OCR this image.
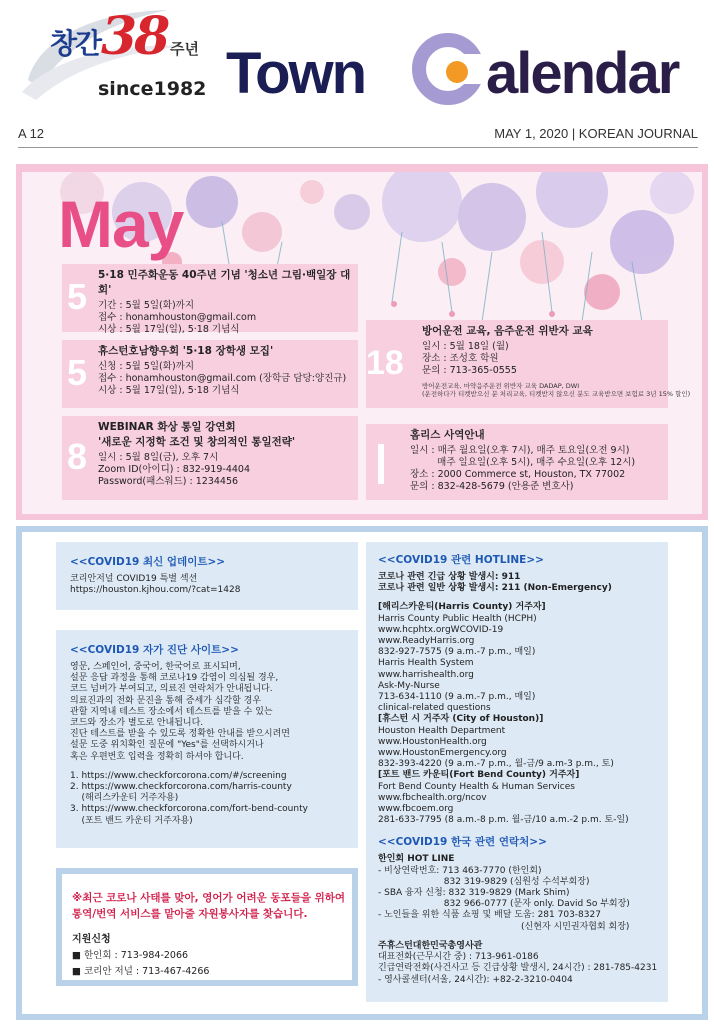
창간 38 주년
since1982 Town alendar
A 12	MAY 1, 2020 | KOREAN JOURNAL
May
5
5·18 민주화운동 40주년 기념 '청소년 그림·백일장 대회'
기간 : 5월 5일(화)까지
접수 : honamhouston@gmail.com
시상 : 5월 17일(일), 5·18 기념식
5
휴스턴호남향우회 '5·18 장학생 모집'
신청 : 5월 5일(화)까지
접수 : honamhouston@gmail.com (장학금 담당:양진규)
시상 : 5월 17일(일), 5·18 기념식
8
WEBINAR 화상 통일 강연회
'새로운 지정학 조건 및 창의적인 통일전략'
일시 : 5월 8일(금), 오후 7시
Zoom ID(아이디) : 832-919-4404
Password(패스워드) : 1234456
18
방어운전 교육, 음주운전 위반자 교육
일시 : 5월 18일 (월)
장소 : 조성호 학원
문의 : 713-365-0555
방어운전교육, 마약음주운전 위반자 교육 DADAP, DWI
(운전하다가 티켓받으신 분 처리교육, 티켓받지 않으신 분도 교육받으면 보험료 3년 15% 할인)
홈리스 사역안내
일시 : 매주 월요일(오후 7시), 매주 토요일(오전 9시)
매주 일요일(오후 5시), 매주 수요일(오후 12시)
장소 : 2000 Commerce st, Houston, TX 77002
문의 : 832-428-5679 (안용준 변호사)
<<COVID19 최신 업데이트>>
코리안저널 COVID19 특별 섹션
https://houston.kjhou.com/?cat=1428
<<COVID19 자가 진단 사이트>>
영문, 스페인어, 중국어, 한국어로 표시되며,
설문 응답 과정을 통해 코로나19 감염이 의심될 경우,
코드 넘버가 부여되고, 의료진 연락처가 안내됩니다.
의료진과의 전화 문진을 통해 증세가 심각할 경우
관할 지역내 테스트 장소에서 테스트를 받을 수 있는
코드와 장소가 별도로 안내됩니다.
진단 테스트를 받을 수 있도록 정확한 안내를 받으시려면
설문 도중 위치확인 질문에 "Yes"를 선택하시거나
혹은 우편번호 입력을 정확히 하셔야 합니다.
1. https://www.checkforcorona.com/#/screening
2. https://www.checkforcorona.com/harris-county
(해리스카운티 거주자용)
3. https://www.checkforcorona.com/fort-bend-county
(포트 밴드 카운티 거주자용)
※최근 코로나 사태를 맞아, 영어가 어려운 동포들을 위하여
통역/번역 서비스를 맡아줄 자원봉사자를 찾습니다.
지원신청
■ 한인회 : 713-984-2066
■ 코리안 저널 : 713-467-4266
<<COVID19 관련 HOTLINE>>
코로나 관련 긴급 상황 발생시: 911
코로나 관련 일반 상황 발생시: 211 (Non-Emergency)
[해리스카운티(Harris County) 거주자]
Harris County Public Health (HCPH)
www.hcphtx.orgWCOVID-19
www.ReadyHarris.org
832-927-7575 (9 a.m.-7 p.m., 매일)
Harris Health System
www.harrishealth.org
Ask-My-Nurse
713-634-1110 (9 a.m.-7 p.m., 매일)
clinical-related questions
[휴스턴 시 거주자 (City of Houston)]
Houston Health Department
www.HoustonHealth.org
www.HoustonEmergency.org
832-393-4220 (9 a.m.-7 p.m., 월-금/9 a.m-3 p.m., 토)
[포트 밴드 카운티(Fort Bend County) 거주자]
Fort Bend County Health & Human Services
www.fbchealth.org/ncov
www.fbcoem.org
281-633-7795 (8 a.m.-8 p.m. 월-금/10 a.m.-2 p.m. 토-일)
<<COVID19 한국 관련 연락처>>
한인회 HOT LINE
- 비상연락번호: 713 463-7770 (한인회)
832 319-9829 (심원성 수석부회장)
- SBA 융자 신청: 832 319-9829 (Mark Shim)
832 966-0777 (문자 only. David So 부회장)
- 노인들을 위한 식품 쇼핑 및 배달 도움: 281 703-8327
(신현자 시민권자협회 회장)
주휴스턴대한민국총영사관
대표전화(근무시간 중) : 713-961-0186
긴급연락전화(사건사고 등 긴급상황 발생시, 24시간) : 281-785-4231
- 영사콜센터(서울, 24시간): +82-2-3210-0404
